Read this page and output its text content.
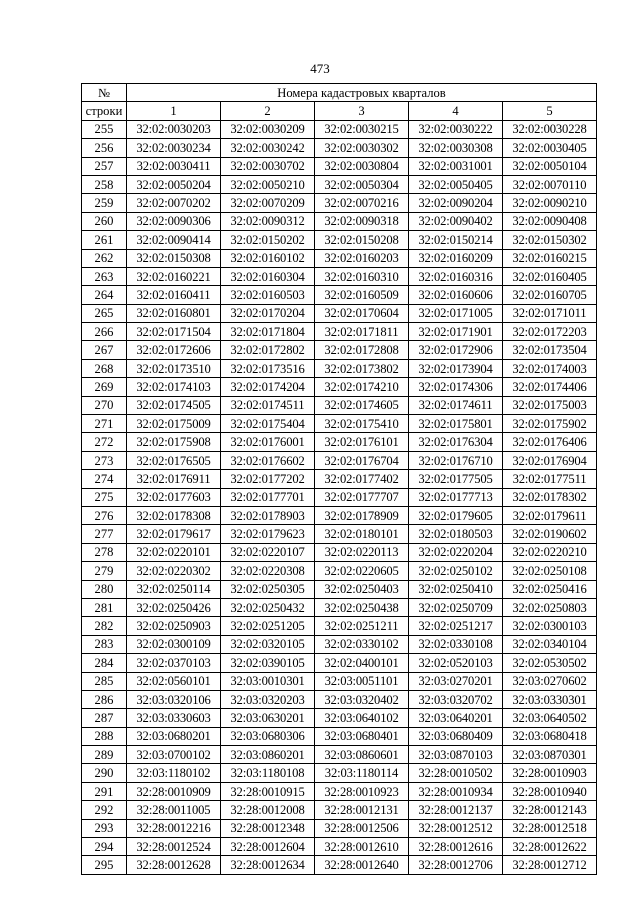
473
№	Номера кадастровых кварталов				
строки	1	2	3	4	5
255	32:02:0030203	32:02:0030209	32:02:0030215	32:02:0030222	32:02:0030228
256	32:02:0030234	32:02:0030242	32:02:0030302	32:02:0030308	32:02:0030405
257	32:02:0030411	32:02:0030702	32:02:0030804	32:02:0031001	32:02:0050104
258	32:02:0050204	32:02:0050210	32:02:0050304	32:02:0050405	32:02:0070110
259	32:02:0070202	32:02:0070209	32:02:0070216	32:02:0090204	32:02:0090210
260	32:02:0090306	32:02:0090312	32:02:0090318	32:02:0090402	32:02:0090408
261	32:02:0090414	32:02:0150202	32:02:0150208	32:02:0150214	32:02:0150302
262	32:02:0150308	32:02:0160102	32:02:0160203	32:02:0160209	32:02:0160215
263	32:02:0160221	32:02:0160304	32:02:0160310	32:02:0160316	32:02:0160405
264	32:02:0160411	32:02:0160503	32:02:0160509	32:02:0160606	32:02:0160705
265	32:02:0160801	32:02:0170204	32:02:0170604	32:02:0171005	32:02:0171011
266	32:02:0171504	32:02:0171804	32:02:0171811	32:02:0171901	32:02:0172203
267	32:02:0172606	32:02:0172802	32:02:0172808	32:02:0172906	32:02:0173504
268	32:02:0173510	32:02:0173516	32:02:0173802	32:02:0173904	32:02:0174003
269	32:02:0174103	32:02:0174204	32:02:0174210	32:02:0174306	32:02:0174406
270	32:02:0174505	32:02:0174511	32:02:0174605	32:02:0174611	32:02:0175003
271	32:02:0175009	32:02:0175404	32:02:0175410	32:02:0175801	32:02:0175902
272	32:02:0175908	32:02:0176001	32:02:0176101	32:02:0176304	32:02:0176406
273	32:02:0176505	32:02:0176602	32:02:0176704	32:02:0176710	32:02:0176904
274	32:02:0176911	32:02:0177202	32:02:0177402	32:02:0177505	32:02:0177511
275	32:02:0177603	32:02:0177701	32:02:0177707	32:02:0177713	32:02:0178302
276	32:02:0178308	32:02:0178903	32:02:0178909	32:02:0179605	32:02:0179611
277	32:02:0179617	32:02:0179623	32:02:0180101	32:02:0180503	32:02:0190602
278	32:02:0220101	32:02:0220107	32:02:0220113	32:02:0220204	32:02:0220210
279	32:02:0220302	32:02:0220308	32:02:0220605	32:02:0250102	32:02:0250108
280	32:02:0250114	32:02:0250305	32:02:0250403	32:02:0250410	32:02:0250416
281	32:02:0250426	32:02:0250432	32:02:0250438	32:02:0250709	32:02:0250803
282	32:02:0250903	32:02:0251205	32:02:0251211	32:02:0251217	32:02:0300103
283	32:02:0300109	32:02:0320105	32:02:0330102	32:02:0330108	32:02:0340104
284	32:02:0370103	32:02:0390105	32:02:0400101	32:02:0520103	32:02:0530502
285	32:02:0560101	32:03:0010301	32:03:0051101	32:03:0270201	32:03:0270602
286	32:03:0320106	32:03:0320203	32:03:0320402	32:03:0320702	32:03:0330301
287	32:03:0330603	32:03:0630201	32:03:0640102	32:03:0640201	32:03:0640502
288	32:03:0680201	32:03:0680306	32:03:0680401	32:03:0680409	32:03:0680418
289	32:03:0700102	32:03:0860201	32:03:0860601	32:03:0870103	32:03:0870301
290	32:03:1180102	32:03:1180108	32:03:1180114	32:28:0010502	32:28:0010903
291	32:28:0010909	32:28:0010915	32:28:0010923	32:28:0010934	32:28:0010940
292	32:28:0011005	32:28:0012008	32:28:0012131	32:28:0012137	32:28:0012143
293	32:28:0012216	32:28:0012348	32:28:0012506	32:28:0012512	32:28:0012518
294	32:28:0012524	32:28:0012604	32:28:0012610	32:28:0012616	32:28:0012622
295	32:28:0012628	32:28:0012634	32:28:0012640	32:28:0012706	32:28:0012712
